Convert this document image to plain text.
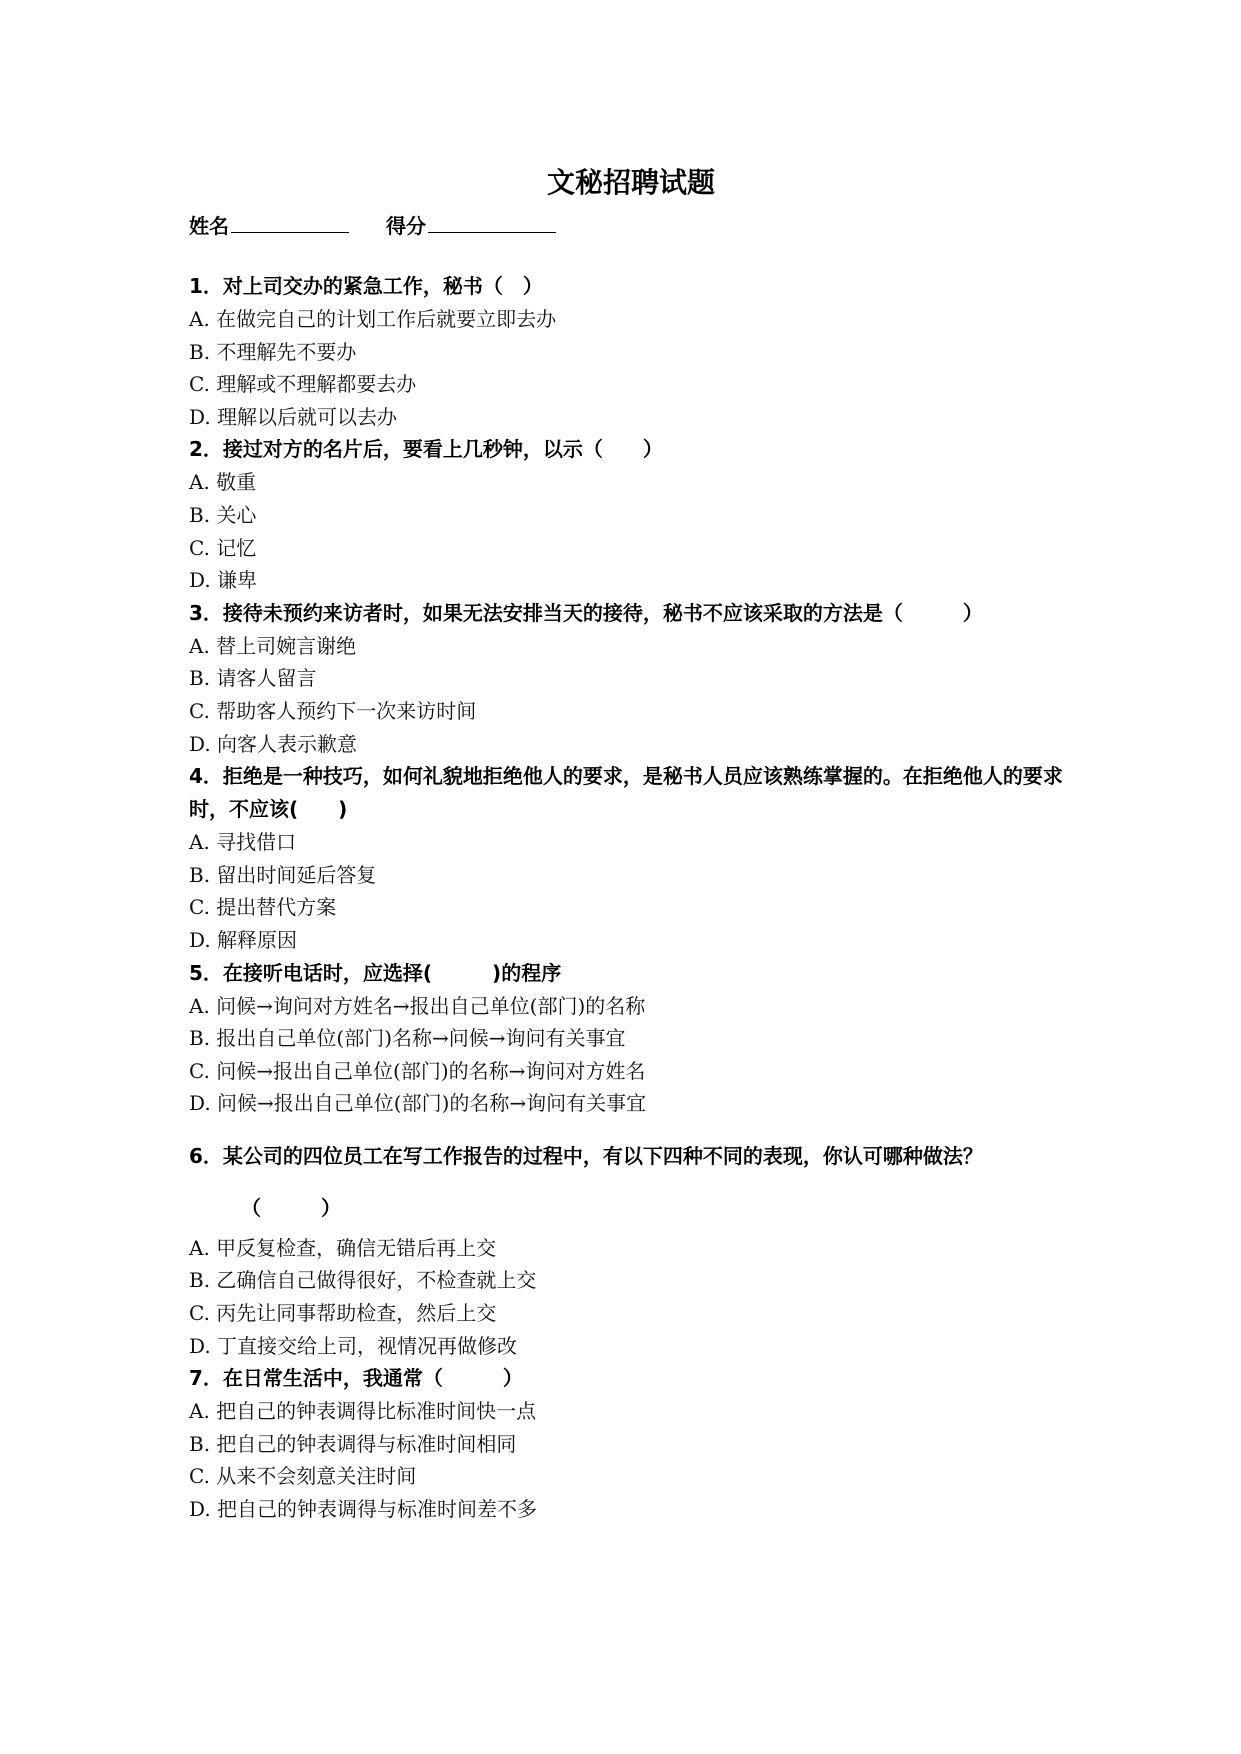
文秘招聘试题
姓名	得分

1．对上司交办的紧急工作，秘书（　）

A. 在做完自己的计划工作后就要立即去办

B. 不理解先不要办

C. 理解或不理解都要去办

D. 理解以后就可以去办

2．接过对方的名片后，要看上几秒钟，以示（　　）

A. 敬重

B. 关心

C. 记忆

D. 谦卑

3．接待未预约来访者时，如果无法安排当天的接待，秘书不应该采取的方法是（　　　）

A. 替上司婉言谢绝

B. 请客人留言

C. 帮助客人预约下一次来访时间

D. 向客人表示歉意

4．拒绝是一种技巧，如何礼貌地拒绝他人的要求，是秘书人员应该熟练掌握的。在拒绝他人的要求时，不应该(　　)

A. 寻找借口

B. 留出时间延后答复

C. 提出替代方案

D. 解释原因

5．在接听电话时，应选择(　　　)的程序

A. 问候→询问对方姓名→报出自己单位(部门)的名称

B. 报出自己单位(部门)名称→问候→询问有关事宜

C. 问候→报出自己单位(部门)的名称→询问对方姓名

D. 问候→报出自己单位(部门)的名称→询问有关事宜

6．某公司的四位员工在写工作报告的过程中，有以下四种不同的表现，你认可哪种做法？

（　　　）

A. 甲反复检查，确信无错后再上交

B. 乙确信自己做得很好，不检查就上交

C. 丙先让同事帮助检查，然后上交

D. 丁直接交给上司，视情况再做修改

7．在日常生活中，我通常（　　　）

A. 把自己的钟表调得比标准时间快一点

B. 把自己的钟表调得与标准时间相同

C. 从来不会刻意关注时间

D. 把自己的钟表调得与标准时间差不多
